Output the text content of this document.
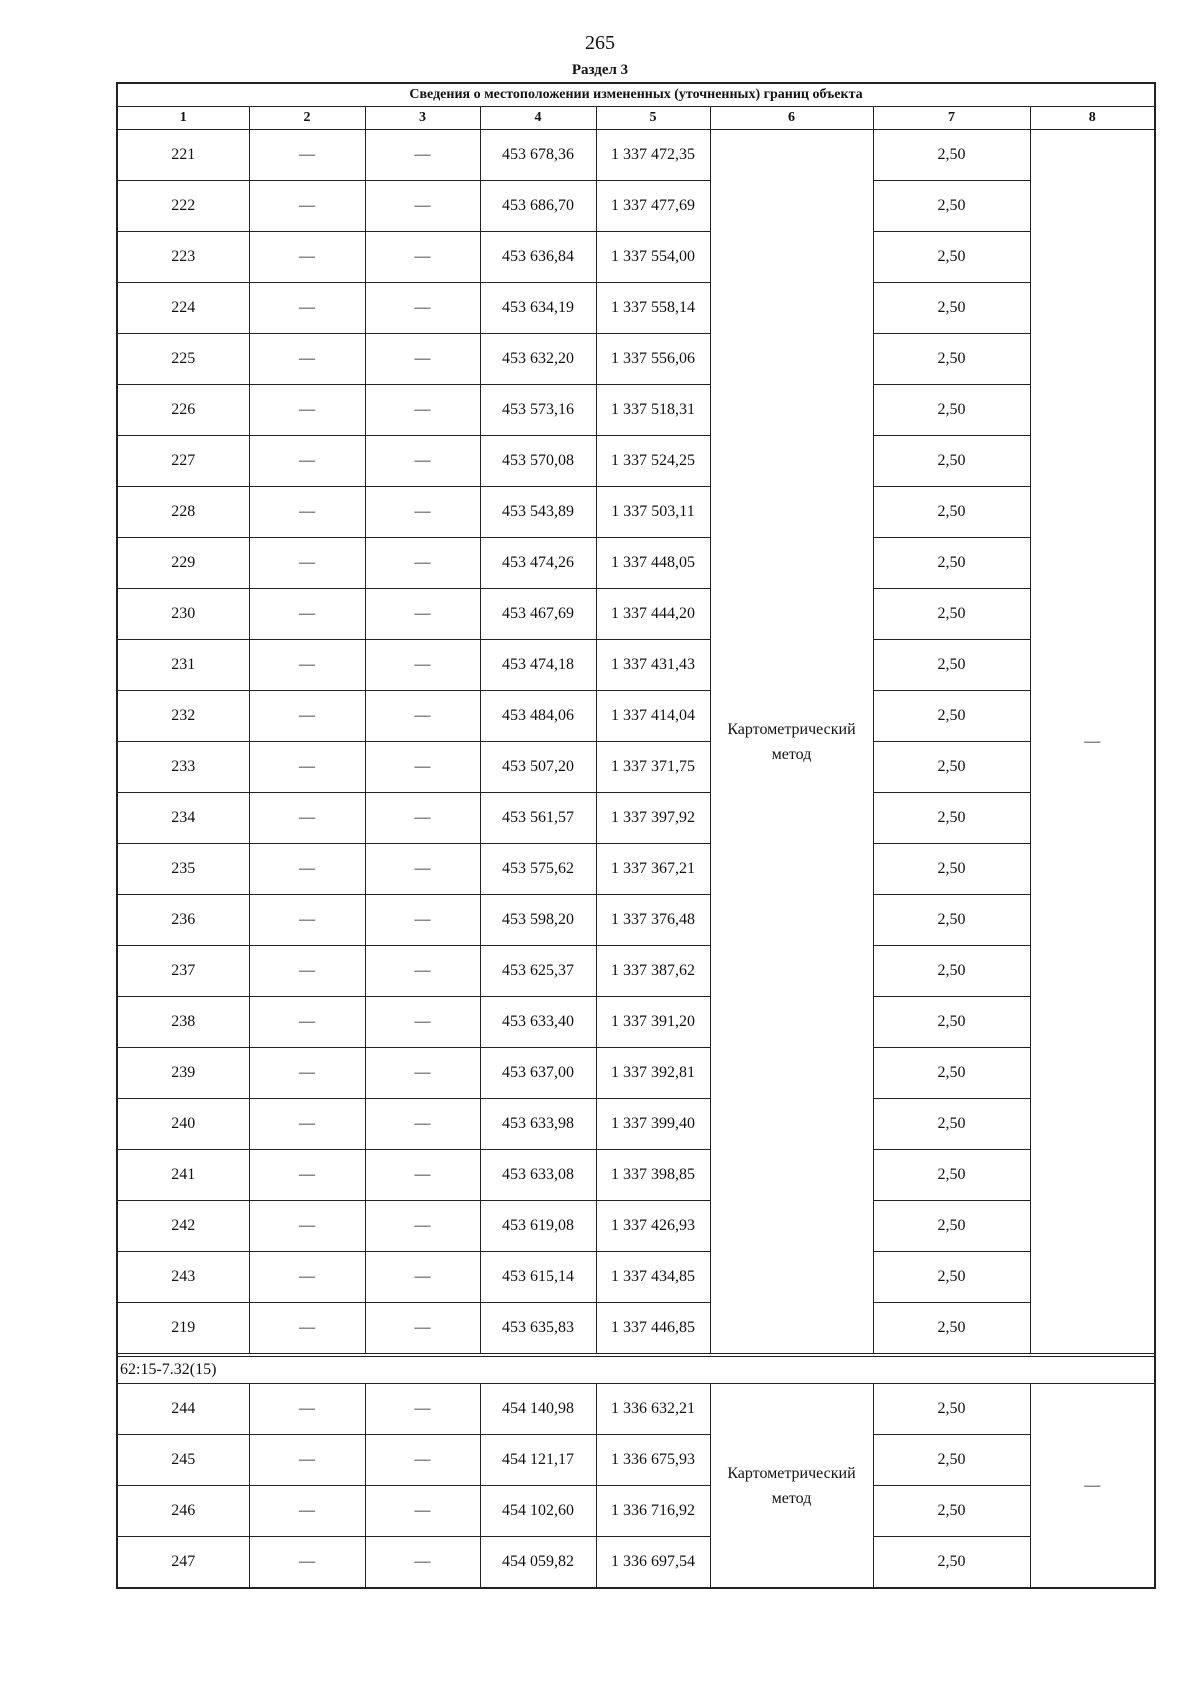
265
Раздел 3
Сведения о местоположении измененных (уточненных) границ объекта							
1	2	3	4	5	6	7	8
221	—	—	453 678,36	1 337 472,35	Картометрический метод	2,50	—
222	—	—	453 686,70	1 337 477,69		2,50	
223	—	—	453 636,84	1 337 554,00		2,50	
224	—	—	453 634,19	1 337 558,14		2,50	
225	—	—	453 632,20	1 337 556,06		2,50	
226	—	—	453 573,16	1 337 518,31		2,50	
227	—	—	453 570,08	1 337 524,25		2,50	
228	—	—	453 543,89	1 337 503,11		2,50	
229	—	—	453 474,26	1 337 448,05		2,50	
230	—	—	453 467,69	1 337 444,20		2,50	
231	—	—	453 474,18	1 337 431,43		2,50	
232	—	—	453 484,06	1 337 414,04		2,50	
233	—	—	453 507,20	1 337 371,75		2,50	
234	—	—	453 561,57	1 337 397,92		2,50	
235	—	—	453 575,62	1 337 367,21		2,50	
236	—	—	453 598,20	1 337 376,48		2,50	
237	—	—	453 625,37	1 337 387,62		2,50	
238	—	—	453 633,40	1 337 391,20		2,50	
239	—	—	453 637,00	1 337 392,81		2,50	
240	—	—	453 633,98	1 337 399,40		2,50	
241	—	—	453 633,08	1 337 398,85		2,50	
242	—	—	453 619,08	1 337 426,93		2,50	
243	—	—	453 615,14	1 337 434,85		2,50	
219	—	—	453 635,83	1 337 446,85		2,50	

62:15-7.32(15)							
244	—	—	454 140,98	1 336 632,21	Картометрический метод	2,50	—
245	—	—	454 121,17	1 336 675,93		2,50	
246	—	—	454 102,60	1 336 716,92		2,50	
247	—	—	454 059,82	1 336 697,54		2,50	
